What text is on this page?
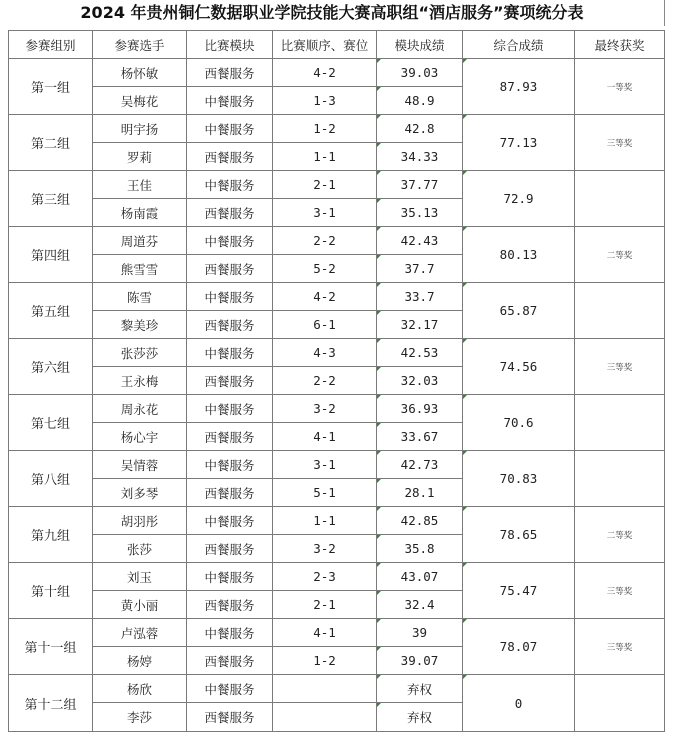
2024 年贵州铜仁数据职业学院技能大赛高职组“酒店服务”赛项统分表
参赛组别	参赛选手	比赛模块	比赛顺序、赛位	模块成绩	综合成绩	最终获奖
第一组	杨怀敏	西餐服务	4-2	39.03	87.93	一等奖
	吴梅花	中餐服务	1-3	48.9		
第二组	明宇扬	中餐服务	1-2	42.8	77.13	三等奖
	罗莉	西餐服务	1-1	34.33		
第三组	王佳	中餐服务	2-1	37.77	72.9	
	杨南霞	西餐服务	3-1	35.13		
第四组	周道芬	中餐服务	2-2	42.43	80.13	二等奖
	熊雪雪	西餐服务	5-2	37.7		
第五组	陈雪	中餐服务	4-2	33.7	65.87	
	黎美珍	西餐服务	6-1	32.17		
第六组	张莎莎	中餐服务	4-3	42.53	74.56	三等奖
	王永梅	西餐服务	2-2	32.03		
第七组	周永花	中餐服务	3-2	36.93	70.6	
	杨心宇	西餐服务	4-1	33.67		
第八组	吴情蓉	中餐服务	3-1	42.73	70.83	
	刘多琴	西餐服务	5-1	28.1		
第九组	胡羽彤	中餐服务	1-1	42.85	78.65	二等奖
	张莎	西餐服务	3-2	35.8		
第十组	刘玉	中餐服务	2-3	43.07	75.47	三等奖
	黄小丽	西餐服务	2-1	32.4		
第十一组	卢泓蓉	中餐服务	4-1	39	78.07	三等奖
	杨婷	西餐服务	1-2	39.07		
第十二组	杨欣	中餐服务		弃权	0	
	李莎	西餐服务		弃权		
